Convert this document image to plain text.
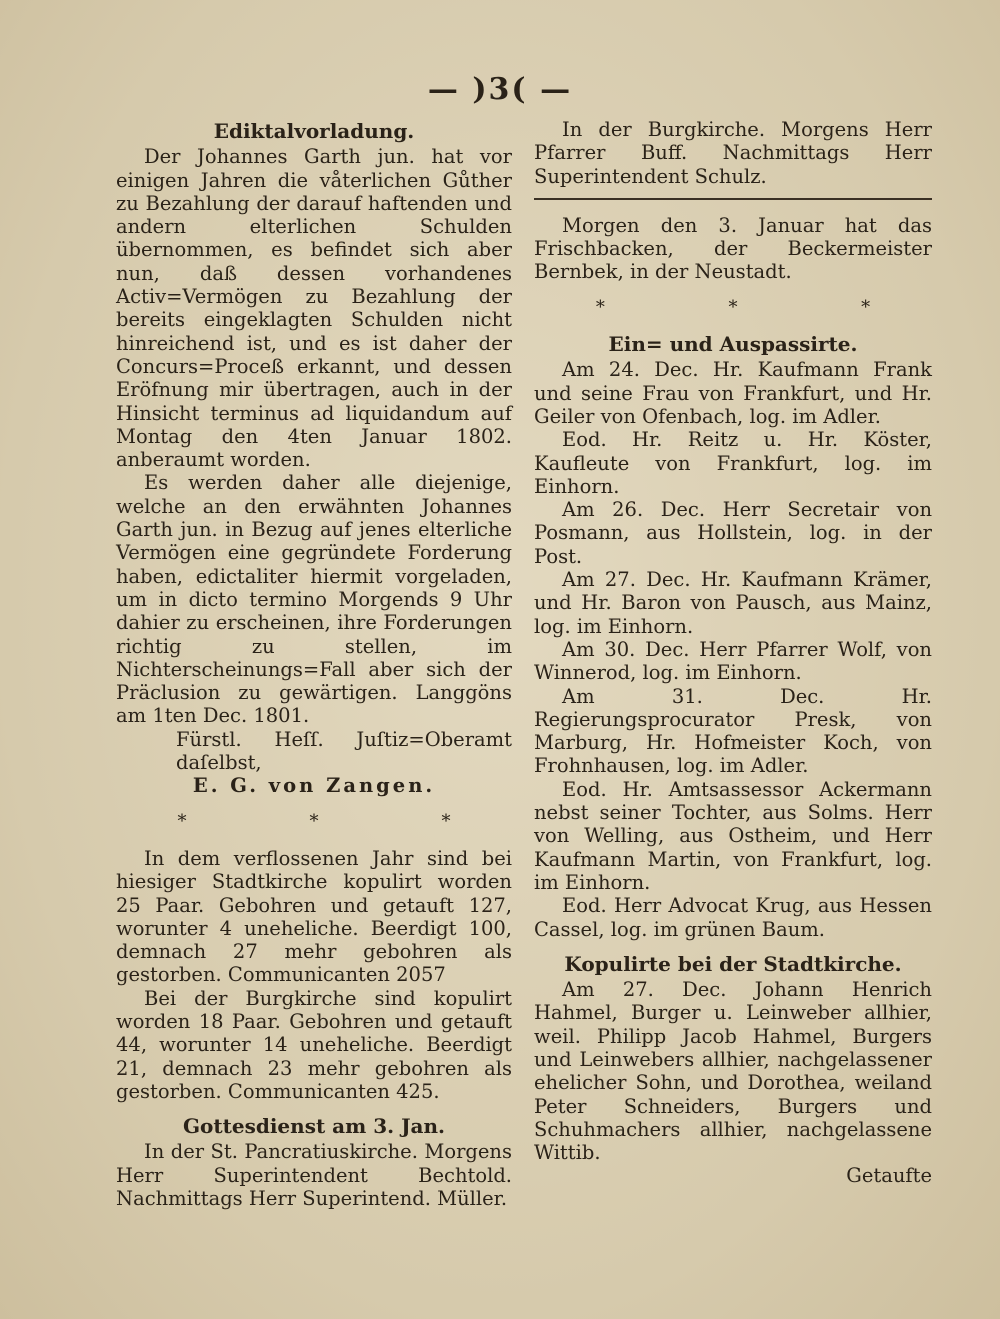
— )3( —

Ediktalvorladung.

Der Johannes Garth jun. hat vor einigen Jahren die våterlichen Gůther zu Bezahlung der darauf haftenden und andern elterlichen Schulden übernommen, es befindet sich aber nun, daß dessen vorhandenes Activ=Vermögen zu Bezahlung der bereits eingeklagten Schulden nicht hinreichend ist, und es ist daher der Concurs=Proceß erkannt, und dessen Eröfnung mir übertragen, auch in der Hinsicht terminus ad liquidandum auf Montag den 4ten Januar 1802. anberaumt worden.

Es werden daher alle diejenige, welche an den erwähnten Johannes Garth jun. in Bezug auf jenes elterliche Vermögen eine gegründete Forderung haben, edictaliter hiermit vorgeladen, um in dicto termino Morgends 9 Uhr dahier zu erscheinen, ihre Forderungen richtig zu stellen, im Nichterscheinungs=Fall aber sich der Präclusion zu gewärtigen. Langgöns am 1ten Dec. 1801.

Fürstl. Heſſ. Juſtiz=Oberamt daſelbst,

E. G. von Zangen.

*	*	*

In dem verflossenen Jahr sind bei hiesiger Stadtkirche kopulirt worden 25 Paar. Gebohren und getauft 127, worunter 4 uneheliche. Beerdigt 100, demnach 27 mehr gebohren als gestorben. Communicanten 2057

Bei der Burgkirche sind kopulirt worden 18 Paar. Gebohren und getauft 44, worunter 14 uneheliche. Beerdigt 21, demnach 23 mehr gebohren als gestorben. Communicanten 425.

Gottesdienst am 3. Jan.

In der St. Pancratiuskirche. Morgens Herr Superintendent Bechtold. Nachmittags Herr Superintend. Müller.

In der Burgkirche. Morgens Herr Pfarrer Buff. Nachmittags Herr Superintendent Schulz.

Morgen den 3. Januar hat das Frischbacken, der Beckermeister Bernbek, in der Neustadt.

*	*	*

Ein= und Auspassirte.

Am 24. Dec. Hr. Kaufmann Frank und seine Frau von Frankfurt, und Hr. Geiler von Ofenbach, log. im Adler.

Eod. Hr. Reitz u. Hr. Köster, Kaufleute von Frankfurt, log. im Einhorn.

Am 26. Dec. Herr Secretair von Posmann, aus Hollstein, log. in der Post.

Am 27. Dec. Hr. Kaufmann Krämer, und Hr. Baron von Pausch, aus Mainz, log. im Einhorn.

Am 30. Dec. Herr Pfarrer Wolf, von Winnerod, log. im Einhorn.

Am 31. Dec. Hr. Regierungsprocurator Presk, von Marburg, Hr. Hofmeister Koch, von Frohnhausen, log. im Adler.

Eod. Hr. Amtsassessor Ackermann nebst seiner Tochter, aus Solms. Herr von Welling, aus Ostheim, und Herr Kaufmann Martin, von Frankfurt, log. im Einhorn.

Eod. Herr Advocat Krug, aus Hessen Cassel, log. im grünen Baum.

Kopulirte bei der Stadtkirche.

Am 27. Dec. Johann Henrich Hahmel, Burger u. Leinweber allhier, weil. Philipp Jacob Hahmel, Burgers und Leinwebers allhier, nachgelassener ehelicher Sohn, und Dorothea, weiland Peter Schneiders, Burgers und Schuhmachers allhier, nachgelassene Wittib.

Getaufte
